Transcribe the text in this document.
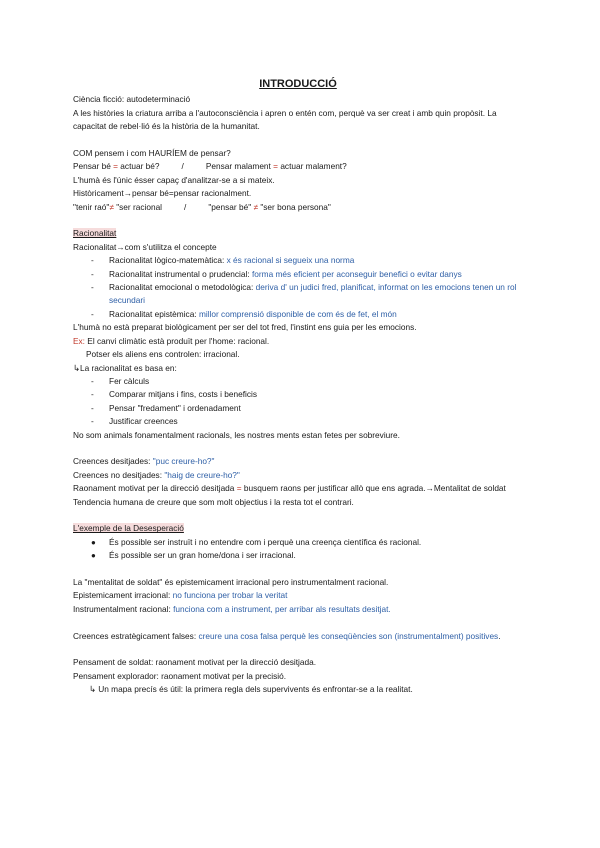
INTRODUCCIÓ

Ciència ficció: autodeterminació

A les històries la criatura arriba a l'autoconsciència i apren o entén com, perquè va ser creat i amb quin propòsit. La capacitat de rebel·lió és la història de la humanitat.

COM pensem i com HAURÍEM de pensar?

Pensar bé = actuar bé?	/	Pensar malament = actuar malament?

L'humà és l'únic ésser capaç d'analitzar-se a si mateix.

Històricament→pensar bé=pensar racionalment.

"tenir raó"≠ "ser racional	/	"pensar bé" ≠ "ser bona persona"

Racionalitat

Racionalitat→com s'utilitza el concepte

- Racionalitat lògico-matemàtica: x és racional si segueix una norma
- Racionalitat instrumental o prudencial: forma més eficient per aconseguir benefici o evitar danys
- Racionalitat emocional o metodològica: deriva d' un judici fred, planificat, informat on les emocions tenen un rol secundari
- Racionalitat epistèmica: millor comprensió disponible de com és de fet, el món

L'humà no està preparat biològicament per ser del tot fred, l'instint ens guia per les emocions.

Ex: El canvi climàtic està produït per l'home: racional.

Potser els aliens ens controlen: irracional.

↳La racionalitat es basa en:

- Fer càlculs
- Comparar mitjans i fins, costs i beneficis
- Pensar "fredament" i ordenadament
- Justificar creences

No som animals fonamentalment racionals, les nostres ments estan fetes per sobreviure.

Creences desitjades: "puc creure-ho?"

Creences no desitjades: "haig de creure-ho?"

Raonament motivat per la direcció desitjada = busquem raons per justificar allò que ens agrada.→Mentalitat de soldat

Tendencia humana de creure que som molt objectius i la resta tot el contrari.

L'exemple de la Desesperació

● És possible ser instruït i no entendre com i perquè una creença científica és racional.
● És possible ser un gran home/dona i ser irracional.

La "mentalitat de soldat" és epistemicament irracional pero instrumentalment racional.

Epistemicament irracional: no funciona per trobar la veritat

Instrumentalment racional: funciona com a instrument, per arribar als resultats desitjat.

Creences estratègicament falses: creure una cosa falsa perquè les conseqüències son (instrumentalment) positives.

Pensament de soldat: raonament motivat per la direcció desitjada.

Pensament explorador: raonament motivat per la precisió.

↳ Un mapa precís és útil: la primera regla dels supervivents és enfrontar-se a la realitat.
